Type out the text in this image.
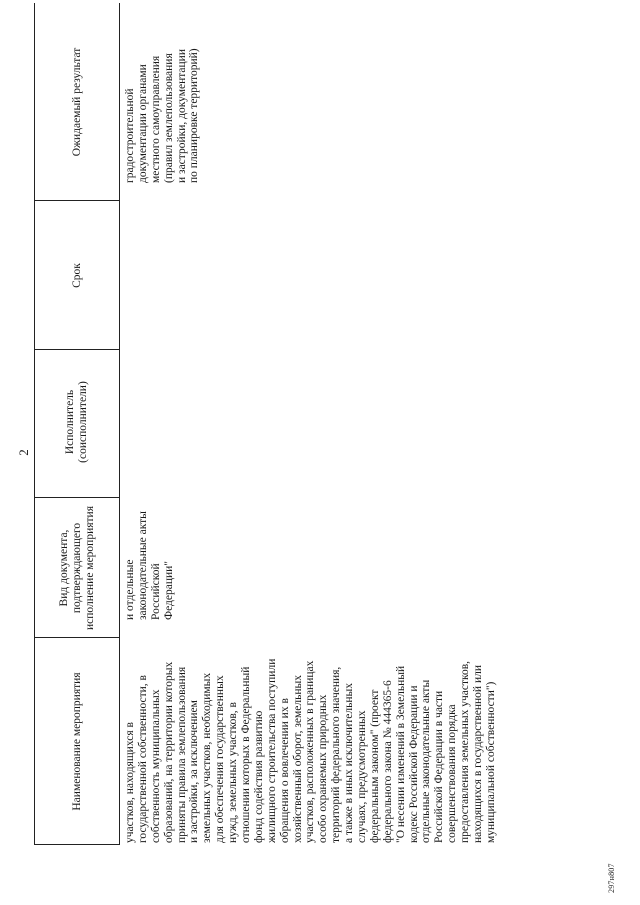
2
Наименование мероприятия
Вид документа, подтверждающего исполнение мероприятия
Исполнитель (соисполнители)
Срок
Ожидаемый результат
участков, находящихся в государственной собственности, в собственность муниципальных образований, на территории которых приняты правила землепользования и застройки, за исключением земельных участков, необходимых для обеспечения государственных нужд, земельных участков, в отношении которых в Федеральный фонд содействия развитию жилищного строительства поступили обращения о вовлечении их в хозяйственный оборот, земельных участков, расположенных в границах особо охраняемых природных территорий федерального значения, а также в иных исключительных случаях, предусмотренных федеральным законом" (проект федерального закона № 444365-6 "О несении изменений в Земельный кодекс Российской Федерации и отдельные законодательные акты Российской Федерации в части совершенствования порядка предоставления земельных участков, находящихся в государственной или муниципальной собственности")
и отдельные законодательные акты Российской Федерации"
градостроительной документации органами местного самоуправления (правил землепользования и застройки, документации по планировке территорий)
297н807
